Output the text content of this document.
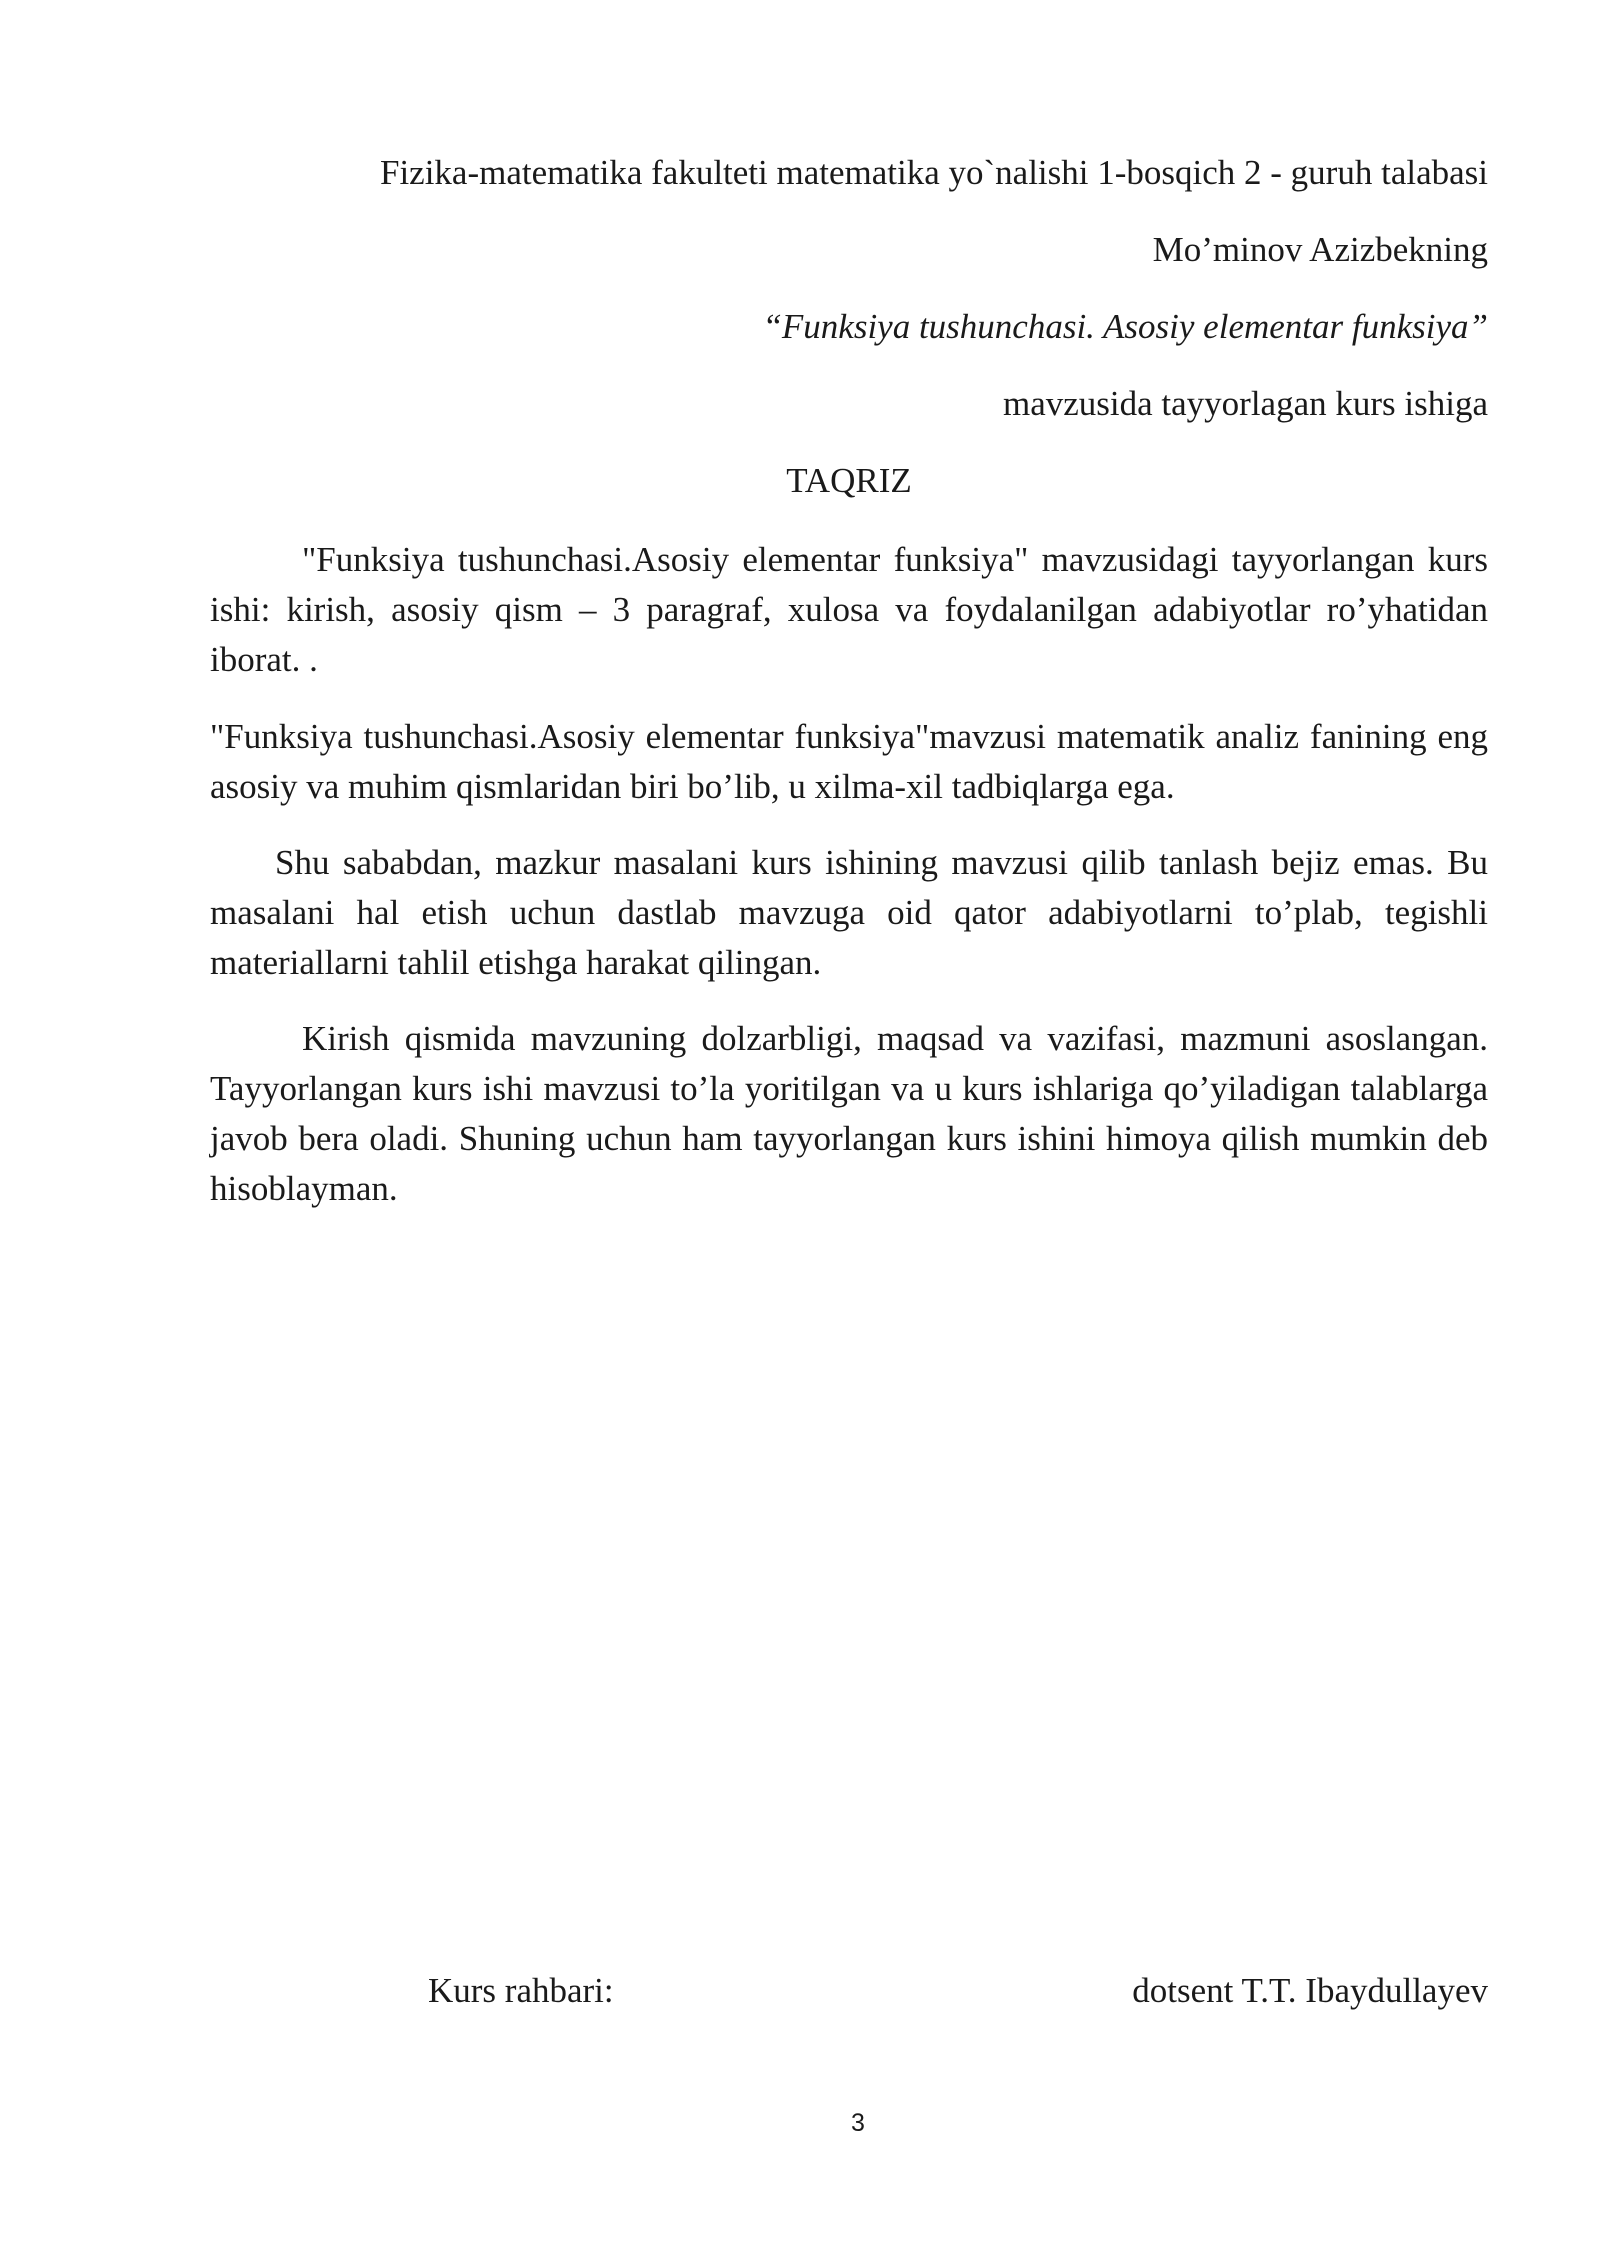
Fizika-matematika fakulteti matematika yo`nalishi 1-bosqich 2 - guruh talabasi
Mo’minov Azizbekning
“Funksiya tushunchasi. Asosiy elementar funksiya”
mavzusida tayyorlagan kurs ishiga
TAQRIZ
"Funksiya tushunchasi.Asosiy elementar funksiya" mavzusidagi tayyorlangan kurs ishi: kirish, asosiy qism – 3 paragraf, xulosa va foydalanilgan adabiyotlar ro’yhatidan iborat. .
"Funksiya tushunchasi.Asosiy elementar funksiya"mavzusi matematik analiz fanining eng asosiy va muhim qismlaridan biri bo’lib, u xilma-xil tadbiqlarga ega.
Shu sababdan, mazkur masalani kurs ishining mavzusi qilib tanlash bejiz emas. Bu masalani hal etish uchun dastlab mavzuga oid qator adabiyotlarni to’plab, tegishli materiallarni tahlil etishga harakat qilingan.
Kirish qismida mavzuning dolzarbligi, maqsad va vazifasi, mazmuni asoslangan. Tayyorlangan kurs ishi mavzusi to’la yoritilgan va u kurs ishlariga qo’yiladigan talablarga javob bera oladi. Shuning uchun ham tayyorlangan kurs ishini himoya qilish mumkin deb hisoblayman.
Kurs rahbari:	dotsent T.T. Ibaydullayev
3
